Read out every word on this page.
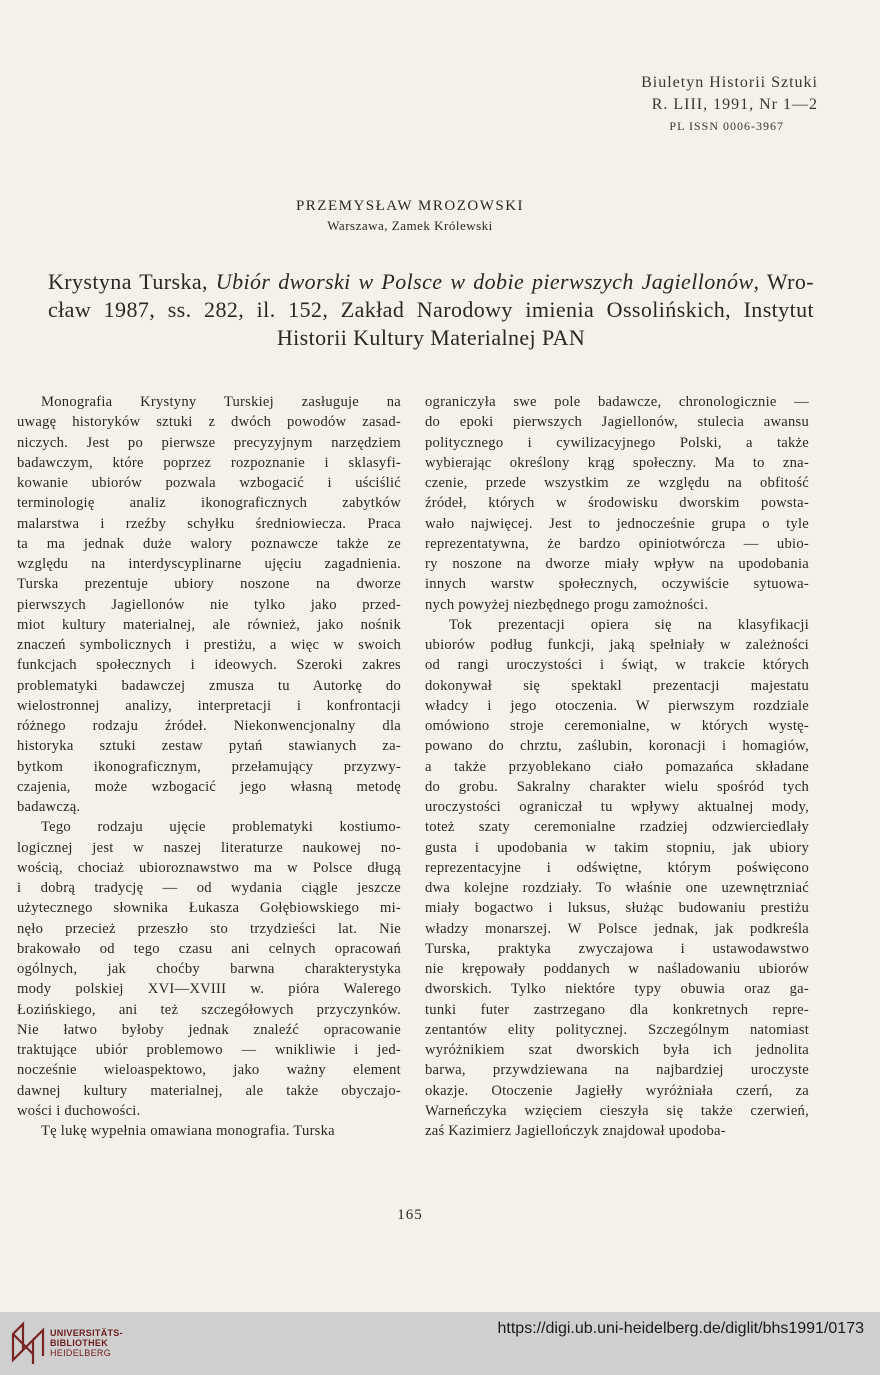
Biuletyn Historii Sztuki
R. LIII, 1991, Nr 1—2
PL ISSN 0006-3967
PRZEMYSŁAW MROZOWSKI
Warszawa, Zamek Królewski
Krystyna Turska, Ubiór dworski w Polsce w dobie pierwszych Jagiellonów, Wro-
cław 1987, ss. 282, il. 152, Zakład Narodowy imienia Ossolińskich, Instytut
Historii Kultury Materialnej PAN
Monografia Krystyny Turskiej zasługuje na
uwagę historyków sztuki z dwóch powodów zasad-
niczych. Jest po pierwsze precyzyjnym narzędziem
badawczym, które poprzez rozpoznanie i sklasyfi-
kowanie ubiorów pozwala wzbogacić i uściślić
terminologię analiz ikonograficznych zabytków
malarstwa i rzeźby schyłku średniowiecza. Praca
ta ma jednak duże walory poznawcze także ze
względu na interdyscyplinarne ujęciu zagadnienia.
Turska prezentuje ubiory noszone na dworze
pierwszych Jagiellonów nie tylko jako przed-
miot kultury materialnej, ale również, jako nośnik
znaczeń symbolicznych i prestiżu, a więc w swoich
funkcjach społecznych i ideowych. Szeroki zakres
problematyki badawczej zmusza tu Autorkę do
wielostronnej analizy, interpretacji i konfrontacji
różnego rodzaju źródeł. Niekonwencjonalny dla
historyka sztuki zestaw pytań stawianych za-
bytkom ikonograficznym, przełamujący przyzwy-
czajenia, może wzbogacić jego własną metodę
badawczą.
Tego rodzaju ujęcie problematyki kostiumo-
logicznej jest w naszej literaturze naukowej no-
wością, chociaż ubioroznawstwo ma w Polsce długą
i dobrą tradycję — od wydania ciągle jeszcze
użytecznego słownika Łukasza Gołębiowskiego mi-
nęło przecież przeszło sto trzydzieści lat. Nie
brakowało od tego czasu ani celnych opracowań
ogólnych, jak choćby barwna charakterystyka
mody polskiej XVI—XVIII w. pióra Walerego
Łozińskiego, ani też szczegółowych przyczynków.
Nie łatwo byłoby jednak znaleźć opracowanie
traktujące ubiór problemowo — wnikliwie i jed-
nocześnie wieloaspektowo, jako ważny element
dawnej kultury materialnej, ale także obyczajo-
wości i duchowości.
Tę lukę wypełnia omawiana monografia. Turska
ograniczyła swe pole badawcze, chronologicznie —
do epoki pierwszych Jagiellonów, stulecia awansu
politycznego i cywilizacyjnego Polski, a także
wybierając określony krąg społeczny. Ma to zna-
czenie, przede wszystkim ze względu na obfitość
źródeł, których w środowisku dworskim powsta-
wało najwięcej. Jest to jednocześnie grupa o tyle
reprezentatywna, że bardzo opiniotwórcza — ubio-
ry noszone na dworze miały wpływ na upodobania
innych warstw społecznych, oczywiście sytuowa-
nych powyżej niezbędnego progu zamożności.
Tok prezentacji opiera się na klasyfikacji
ubiorów podług funkcji, jaką spełniały w zależności
od rangi uroczystości i świąt, w trakcie których
dokonywał się spektakl prezentacji majestatu
władcy i jego otoczenia. W pierwszym rozdziale
omówiono stroje ceremonialne, w których wystę-
powano do chrztu, zaślubin, koronacji i homagiów,
a także przyoblekano ciało pomazańca składane
do grobu. Sakralny charakter wielu spośród tych
uroczystości ograniczał tu wpływy aktualnej mody,
toteż szaty ceremonialne rzadziej odzwierciedlały
gusta i upodobania w takim stopniu, jak ubiory
reprezentacyjne i odświętne, którym poświęcono
dwa kolejne rozdziały. To właśnie one uzewnętrzniać
miały bogactwo i luksus, służąc budowaniu prestiżu
władzy monarszej. W Polsce jednak, jak podkreśla
Turska, praktyka zwyczajowa i ustawodawstwo
nie krępowały poddanych w naśladowaniu ubiorów
dworskich. Tylko niektóre typy obuwia oraz ga-
tunki futer zastrzegano dla konkretnych repre-
zentantów elity politycznej. Szczególnym natomiast
wyróżnikiem szat dworskich była ich jednolita
barwa, przywdziewana na najbardziej uroczyste
okazje. Otoczenie Jagiełły wyróżniała czerń, za
Warneńczyka wzięciem cieszyła się także czerwień,
zaś Kazimierz Jagiellończyk znajdował upodoba-
165
UNIVERSITÄTS-
BIBLIOTHEK
HEIDELBERG
https://digi.ub.uni-heidelberg.de/diglit/bhs1991/0173
